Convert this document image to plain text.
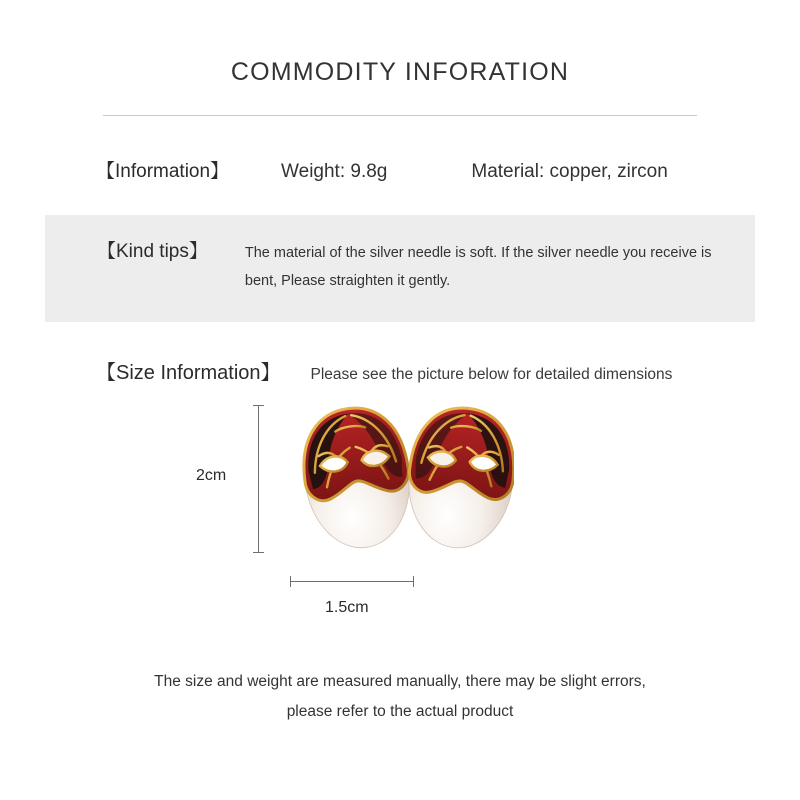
COMMODITY INFORATION
【Information】	Weight: 9.8g	Material: copper, zircon
【Kind tips】	The material of the silver needle is soft. If the silver needle you receive is bent, Please straighten it gently.
【Size Information】 Please see the picture below for detailed dimensions
2cm
1.5cm
The size and weight are measured manually, there may be slight errors,
please refer to the actual product
